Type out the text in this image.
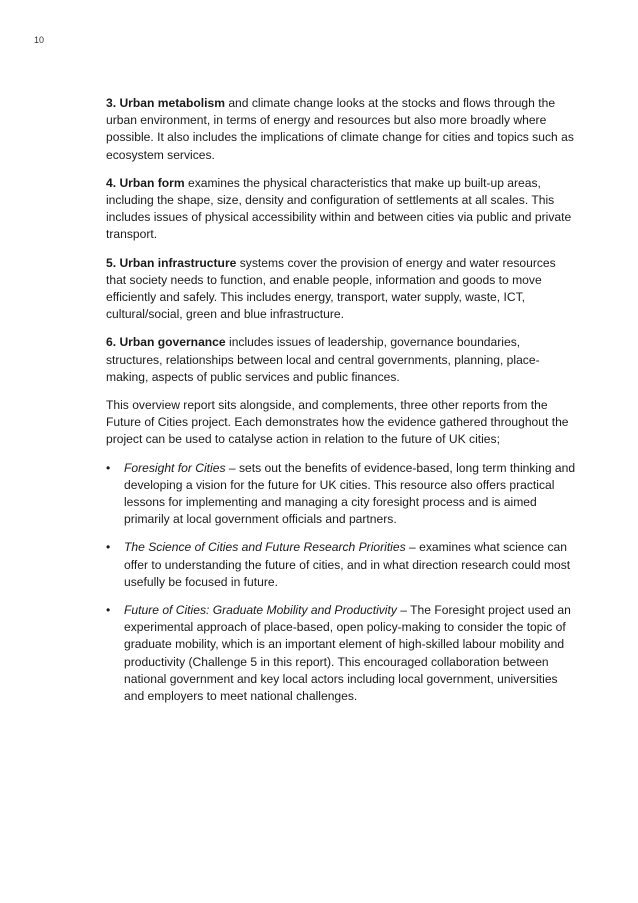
10

3. Urban metabolism and climate change looks at the stocks and flows through the urban environment, in terms of energy and resources but also more broadly where possible. It also includes the implications of climate change for cities and topics such as ecosystem services.

4. Urban form examines the physical characteristics that make up built-up areas, including the shape, size, density and configuration of settlements at all scales. This includes issues of physical accessibility within and between cities via public and private transport.

5. Urban infrastructure systems cover the provision of energy and water resources that society needs to function, and enable people, information and goods to move efficiently and safely. This includes energy, transport, water supply, waste, ICT, cultural/social, green and blue infrastructure.

6. Urban governance includes issues of leadership, governance boundaries, structures, relationships between local and central governments, planning, place-making, aspects of public services and public finances.

This overview report sits alongside, and complements, three other reports from the Future of Cities project. Each demonstrates how the evidence gathered throughout the project can be used to catalyse action in relation to the future of UK cities;

• Foresight for Cities – sets out the benefits of evidence-based, long term thinking and developing a vision for the future for UK cities. This resource also offers practical lessons for implementing and managing a city foresight process and is aimed primarily at local government officials and partners.
• The Science of Cities and Future Research Priorities – examines what science can offer to understanding the future of cities, and in what direction research could most usefully be focused in future.
• Future of Cities: Graduate Mobility and Productivity – The Foresight project used an experimental approach of place-based, open policy-making to consider the topic of graduate mobility, which is an important element of high-skilled labour mobility and productivity (Challenge 5 in this report). This encouraged collaboration between national government and key local actors including local government, universities and employers to meet national challenges.
